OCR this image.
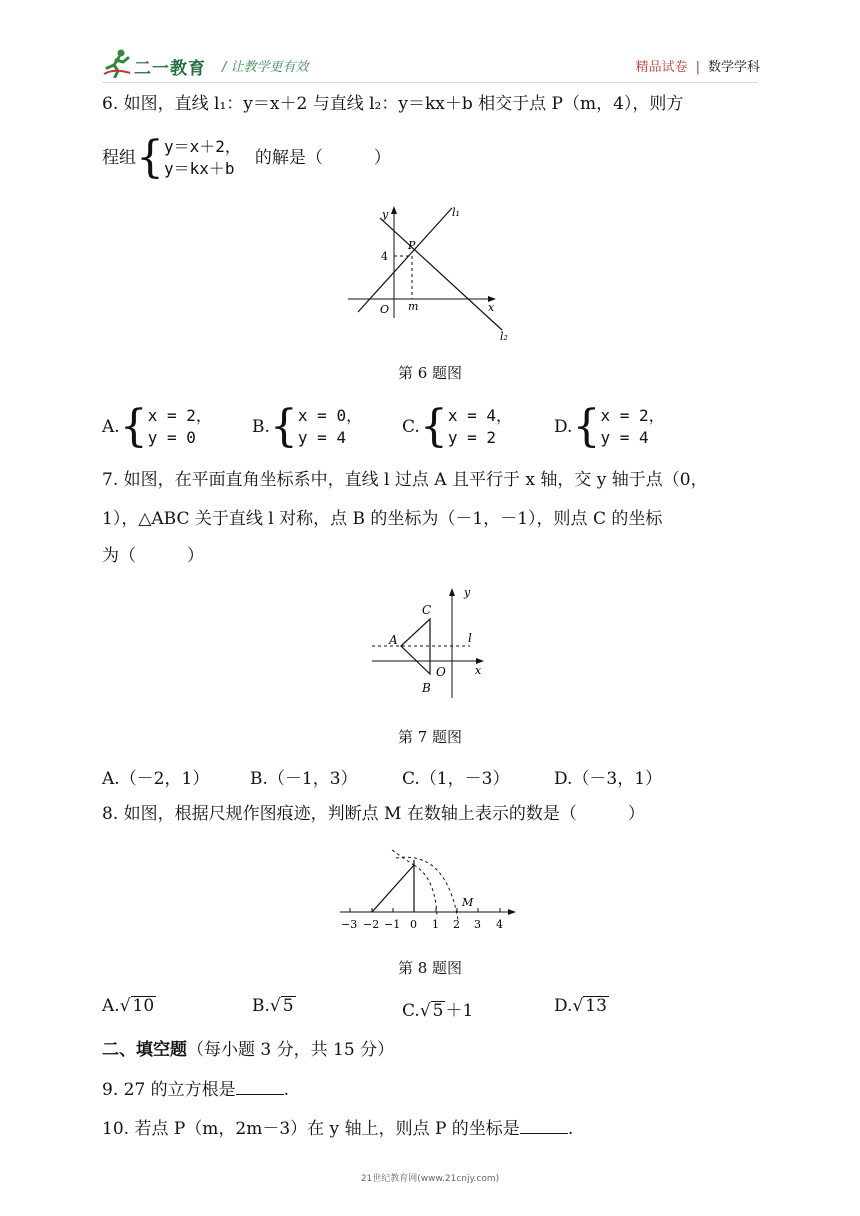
二一教育 / 让教学更有效	精品试卷 | 数学学科
6. 如图，直线 l₁：y＝x＋2 与直线 l₂：y＝kx＋b 相交于点 P（m，4），则方
程组 { y＝x＋2，
y＝kx＋b
的解是（　　　）
y
x
l₁
l₂
P
4
O m
第 6 题图
A. { x = 2，
y = 0
B. { x = 0，
y = 4
C. { x = 4，
y = 2
D. { x = 2，
y = 4
7. 如图，在平面直角坐标系中，直线 l 过点 A 且平行于 x 轴，交 y 轴于点（0，
1），△ABC 关于直线 l 对称，点 B 的坐标为（－1，－1），则点 C 的坐标
为（　　　）
y
x
l
A
C
B
O
第 7 题图
A.（－2，1） B.（－1，3）	C.（1，－3）	D.（－3，1）
8. 如图，根据尺规作图痕迹，判断点 M 在数轴上表示的数是（　　　）
−3 −2 −1 0 1 2 3 4
M
第 8 题图
A.√ 10	B.√ 5	C.√ 5 ＋1	D.√ 13
二、填空题（每小题 3 分，共 15 分）
9. 27 的立方根是	.
10. 若点 P（m，2m－3）在 y 轴上，则点 P 的坐标是	.
21世纪教育网(www.21cnjy.com)
